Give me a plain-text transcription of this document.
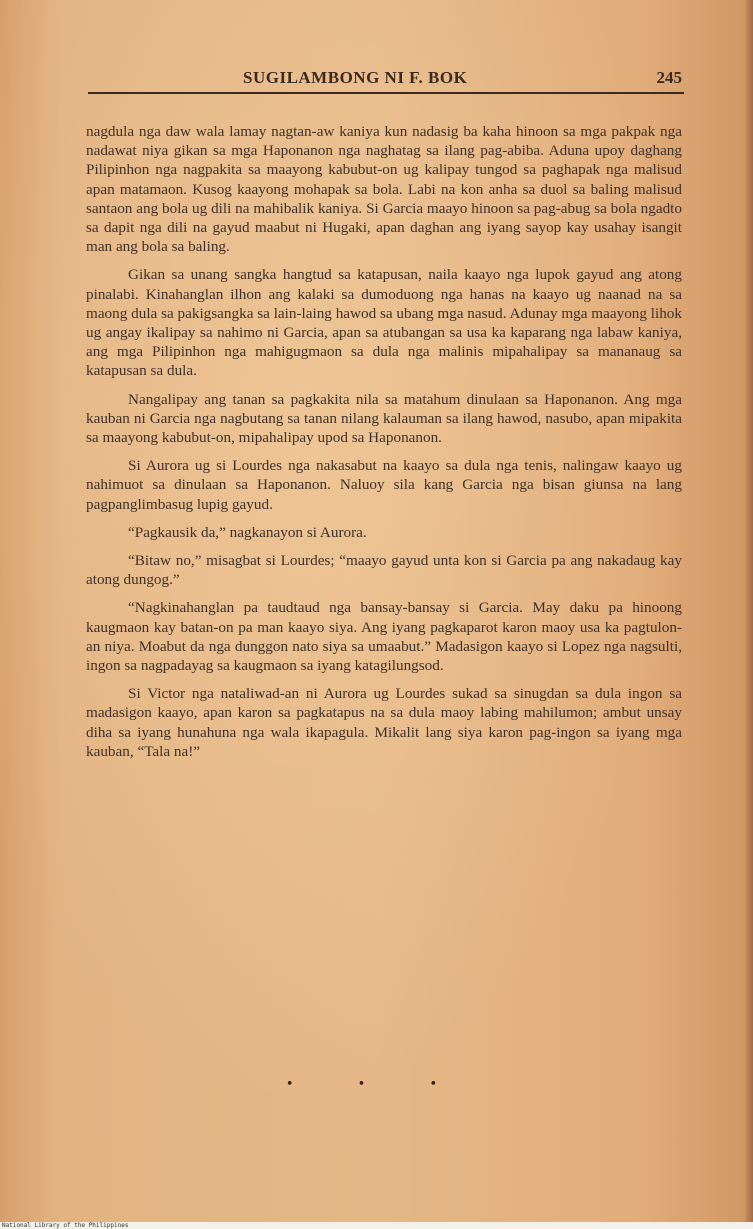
SUGILAMBONG NI F. BOK	245

nagdula nga daw wala lamay nagtan-aw kaniya kun nadasig ba kaha hinoon sa mga pakpak nga nadawat niya gikan sa mga Haponanon nga naghatag sa ilang pag-abiba. Aduna upoy daghang Pilipinhon nga nagpakita sa maayong kabubut-on ug kalipay tungod sa paghapak nga malisud apan matamaon. Kusog kaayong mohapak sa bola. Labi na kon anha sa duol sa baling malisud santaon ang bola ug dili na mahibalik kaniya. Si Garcia maayo hinoon sa pag-abug sa bola ngadto sa dapit nga dili na gayud maabut ni Hugaki, apan daghan ang iyang sayop kay usahay isangit man ang bola sa baling.

Gikan sa unang sangka hangtud sa katapusan, naila kaayo nga lupok gayud ang atong pinalabi. Kinahanglan ilhon ang kalaki sa dumoduong nga hanas na kaayo ug naanad na sa maong dula sa pakigsangka sa lain-laing hawod sa ubang mga nasud. Adunay mga maayong lihok ug angay ikalipay sa nahimo ni Garcia, apan sa atubangan sa usa ka kaparang nga labaw kaniya, ang mga Pilipinhon nga mahigugmaon sa dula nga malinis mipahalipay sa mananaug sa katapusan sa dula.

Nangalipay ang tanan sa pagkakita nila sa matahum dinulaan sa Haponanon. Ang mga kauban ni Garcia nga nagbutang sa tanan nilang kalauman sa ilang hawod, nasubo, apan mipakita sa maayong kabubut-on, mipahalipay upod sa Haponanon.

Si Aurora ug si Lourdes nga nakasabut na kaayo sa dula nga tenis, nalingaw kaayo ug nahimuot sa dinulaan sa Haponanon. Naluoy sila kang Garcia nga bisan giunsa na lang pagpanglimbasug lupig gayud.

“Pagkausik da,” nagkanayon si Aurora.

“Bitaw no,” misagbat si Lourdes; “maayo gayud unta kon si Garcia pa ang nakadaug kay atong dungog.”

“Nagkinahanglan pa taudtaud nga bansay-bansay si Garcia. May daku pa hinoong kaugmaon kay batan-on pa man kaayo siya. Ang iyang pagkaparot karon maoy usa ka pagtulon-an niya. Moabut da nga dunggon nato siya sa umaabut.” Madasigon kaayo si Lopez nga nagsulti, ingon sa nagpadayag sa kaugmaon sa iyang katagilungsod.

Si Victor nga nataliwad-an ni Aurora ug Lourdes sukad sa sinugdan sa dula ingon sa madasigon kaayo, apan karon sa pagkatapus na sa dula maoy labing mahilumon; ambut unsay diha sa iyang hunahuna nga wala ikapagula. Mikalit lang siya karon pag-ingon sa iyang mga kauban, “Tala na!”

• • •
National Library of the Philippines
